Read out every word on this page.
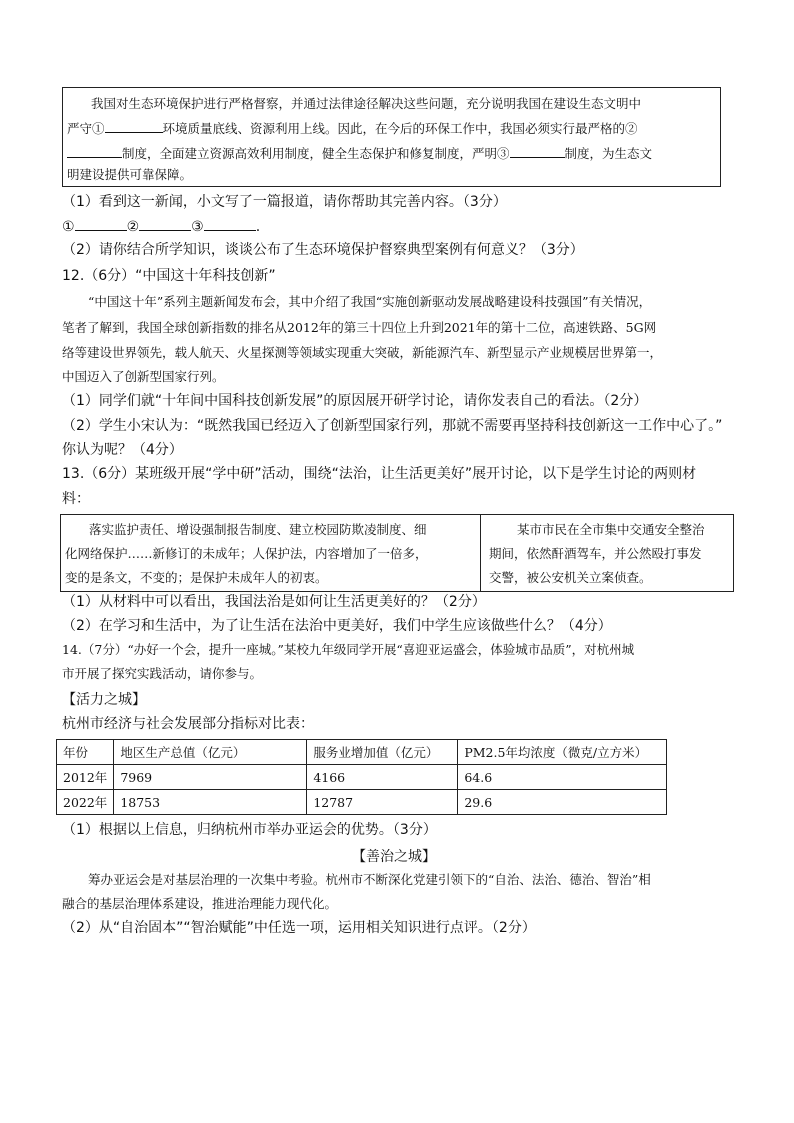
我国对生态环境保护进行严格督察，并通过法律途径解决这些问题，充分说明我国在建设生态文明中
严守①	环境质量底线、资源利用上线。因此，在今后的环保工作中，我国必须实行最严格的②
制度，全面建立资源高效利用制度，健全生态保护和修复制度，严明③	制度，为生态文
明建设提供可靠保障。
（1）看到这一新闻，小文写了一篇报道，请你帮助其完善内容。（3分）
①	②	③	.
（2）请你结合所学知识，谈谈公布了生态环境保护督察典型案例有何意义？（3分）
12.（6分）“中国这十年科技创新”
“中国这十年”系列主题新闻发布会，其中介绍了我国“实施创新驱动发展战略建设科技强国”有关情况，
笔者了解到，我国全球创新指数的排名从2012年的第三十四位上升到2021年的第十二位，高速铁路、5G网
络等建设世界领先，载人航天、火星探测等领域实现重大突破，新能源汽车、新型显示产业规模居世界第一，
中国迈入了创新型国家行列。
（1）同学们就“十年间中国科技创新发展”的原因展开研学讨论，请你发表自己的看法。（2分）
（2）学生小宋认为：“既然我国已经迈入了创新型国家行列，那就不需要再坚持科技创新这一工作中心了。”
你认为呢？（4分）
13.（6分）某班级开展“学中研”活动，围绕“法治，让生活更美好”展开讨论，以下是学生讨论的两则材
料：
落实监护责任、增设强制报告制度、建立校园防欺凌制度、细
化网络保护……新修订的未成年；人保护法，内容增加了一倍多，
变的是条文，不变的；是保护未成年人的初衷。
某市市民在全市集中交通安全整治
期间，依然酐酒驾车，并公然殴打事发
交警，被公安机关立案侦查。
（1）从材料中可以看出，我国法治是如何让生活更美好的？（2分）
（2）在学习和生活中，为了让生活在法治中更美好，我们中学生应该做些什么？（4分）
14.（7分）“办好一个会，提升一座城。”某校九年级同学开展“喜迎亚运盛会，体验城市品质”，对杭州城
市开展了探究实践活动，请你参与。
【活力之城】
杭州市经济与社会发展部分指标对比表：
年份	地区生产总值（亿元）	服务业增加值（亿元）	PM2.5年均浓度（微克/立方米）
2012年	7969	4166	64.6
2022年	18753	12787	29.6
（1）根据以上信息，归纳杭州市举办亚运会的优势。（3分）
【善治之城】
筹办亚运会是对基层治理的一次集中考验。杭州市不断深化党建引领下的“自治、法治、德治、智治”相
融合的基层治理体系建设，推进治理能力现代化。
（2）从“自治固本”“智治赋能”中任选一项，运用相关知识进行点评。（2分）
